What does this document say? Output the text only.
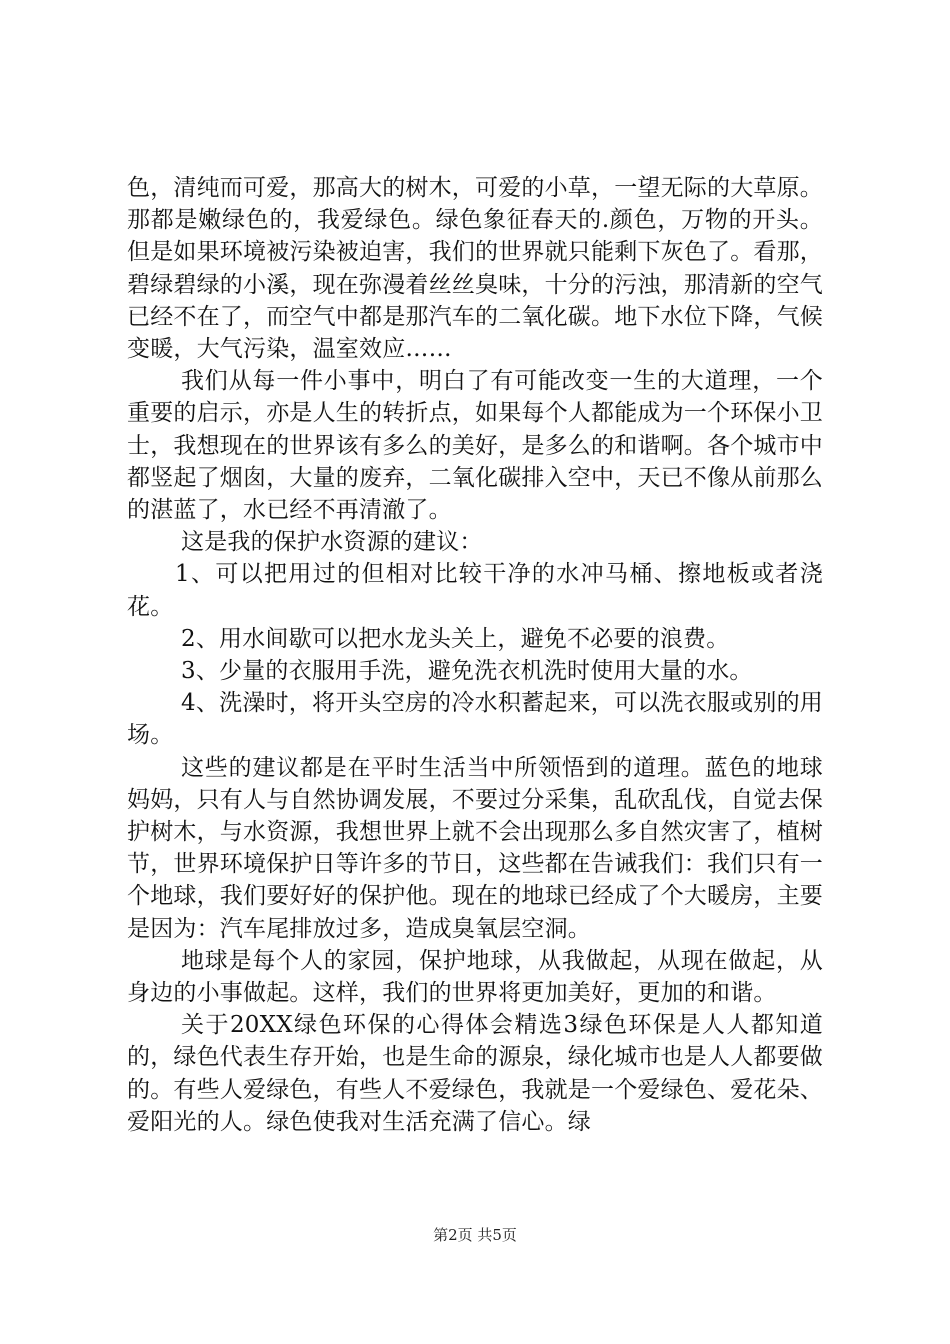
色，清纯而可爱，那高大的树木，可爱的小草，一望无际的大草原。那都是嫩绿色的，我爱绿色。绿色象征春天的.颜色，万物的开头。但是如果环境被污染被迫害，我们的世界就只能剩下灰色了。看那，碧绿碧绿的小溪，现在弥漫着丝丝臭味，十分的污浊，那清新的空气已经不在了，而空气中都是那汽车的二氧化碳。地下水位下降，气候变暖，大气污染，温室效应……

我们从每一件小事中，明白了有可能改变一生的大道理，一个重要的启示，亦是人生的转折点，如果每个人都能成为一个环保小卫士，我想现在的世界该有多么的美好，是多么的和谐啊。各个城市中都竖起了烟囱，大量的废弃，二氧化碳排入空中，天已不像从前那么的湛蓝了，水已经不再清澈了。

这是我的保护水资源的建议：

1、可以把用过的但相对比较干净的水冲马桶、擦地板或者浇花。

2、用水间歇可以把水龙头关上，避免不必要的浪费。

3、少量的衣服用手洗，避免洗衣机洗时使用大量的水。

4、洗澡时，将开头空房的冷水积蓄起来，可以洗衣服或别的用场。

这些的建议都是在平时生活当中所领悟到的道理。蓝色的地球妈妈，只有人与自然协调发展，不要过分采集，乱砍乱伐，自觉去保护树木，与水资源，我想世界上就不会出现那么多自然灾害了，植树节，世界环境保护日等许多的节日，这些都在告诫我们：我们只有一个地球，我们要好好的保护他。现在的地球已经成了个大暖房，主要是因为：汽车尾排放过多，造成臭氧层空洞。

地球是每个人的家园，保护地球，从我做起，从现在做起，从身边的小事做起。这样，我们的世界将更加美好，更加的和谐。

关于20XX绿色环保的心得体会精选3绿色环保是人人都知道的，绿色代表生存开始，也是生命的源泉，绿化城市也是人人都要做的。有些人爱绿色，有些人不爱绿色，我就是一个爱绿色、爱花朵、爱阳光的人。绿色使我对生活充满了信心。绿

第2页 共5页
